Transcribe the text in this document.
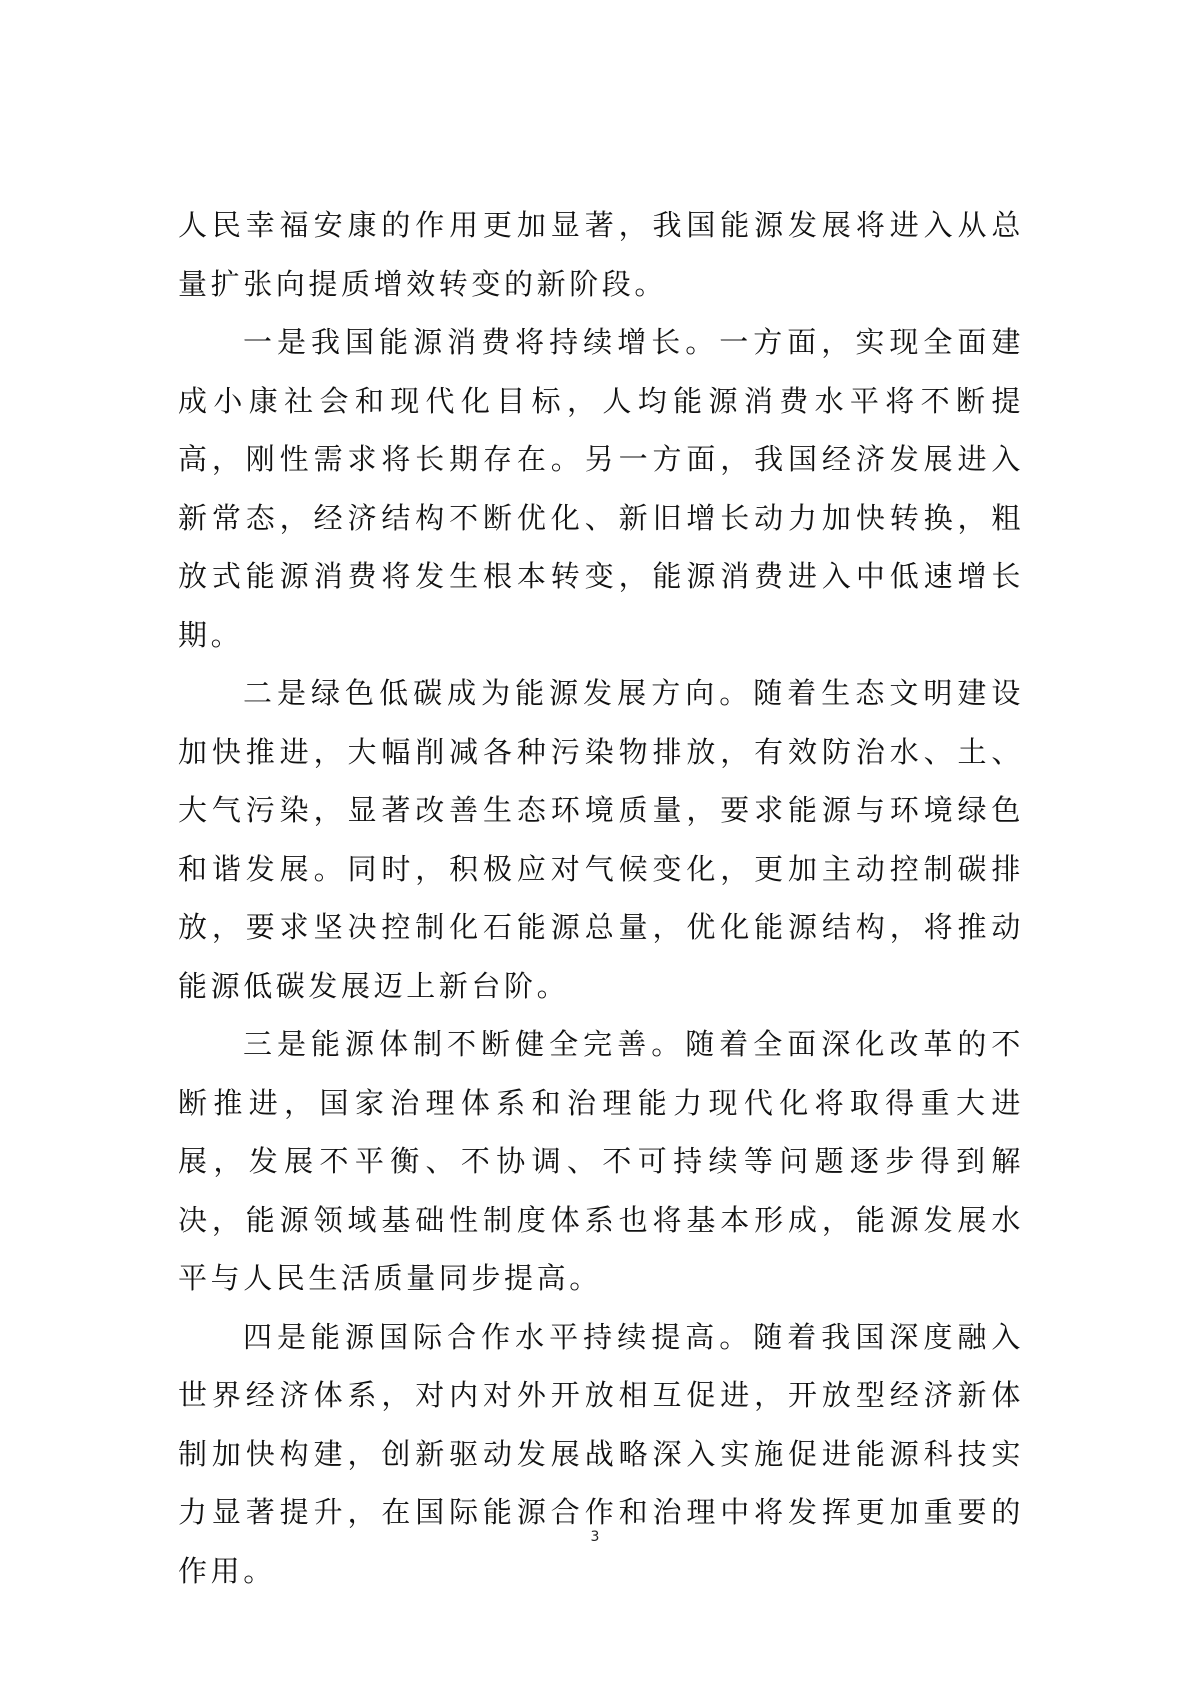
人民幸福安康的作用更加显著，我国能源发展将进入从总量扩张向提质增效转变的新阶段。

一是我国能源消费将持续增长。一方面，实现全面建成小康社会和现代化目标，人均能源消费水平将不断提高，刚性需求将长期存在。另一方面，我国经济发展进入新常态，经济结构不断优化、新旧增长动力加快转换，粗放式能源消费将发生根本转变，能源消费进入中低速增长期。

二是绿色低碳成为能源发展方向。随着生态文明建设加快推进，大幅削减各种污染物排放，有效防治水、土、大气污染，显著改善生态环境质量，要求能源与环境绿色和谐发展。同时，积极应对气候变化，更加主动控制碳排放，要求坚决控制化石能源总量，优化能源结构，将推动能源低碳发展迈上新台阶。

三是能源体制不断健全完善。随着全面深化改革的不断推进，国家治理体系和治理能力现代化将取得重大进展，发展不平衡、不协调、不可持续等问题逐步得到解决，能源领域基础性制度体系也将基本形成，能源发展水平与人民生活质量同步提高。

四是能源国际合作水平持续提高。随着我国深度融入世界经济体系，对内对外开放相互促进，开放型经济新体制加快构建，创新驱动发展战略深入实施促进能源科技实力显著提升，在国际能源合作和治理中将发挥更加重要的作用。

3
